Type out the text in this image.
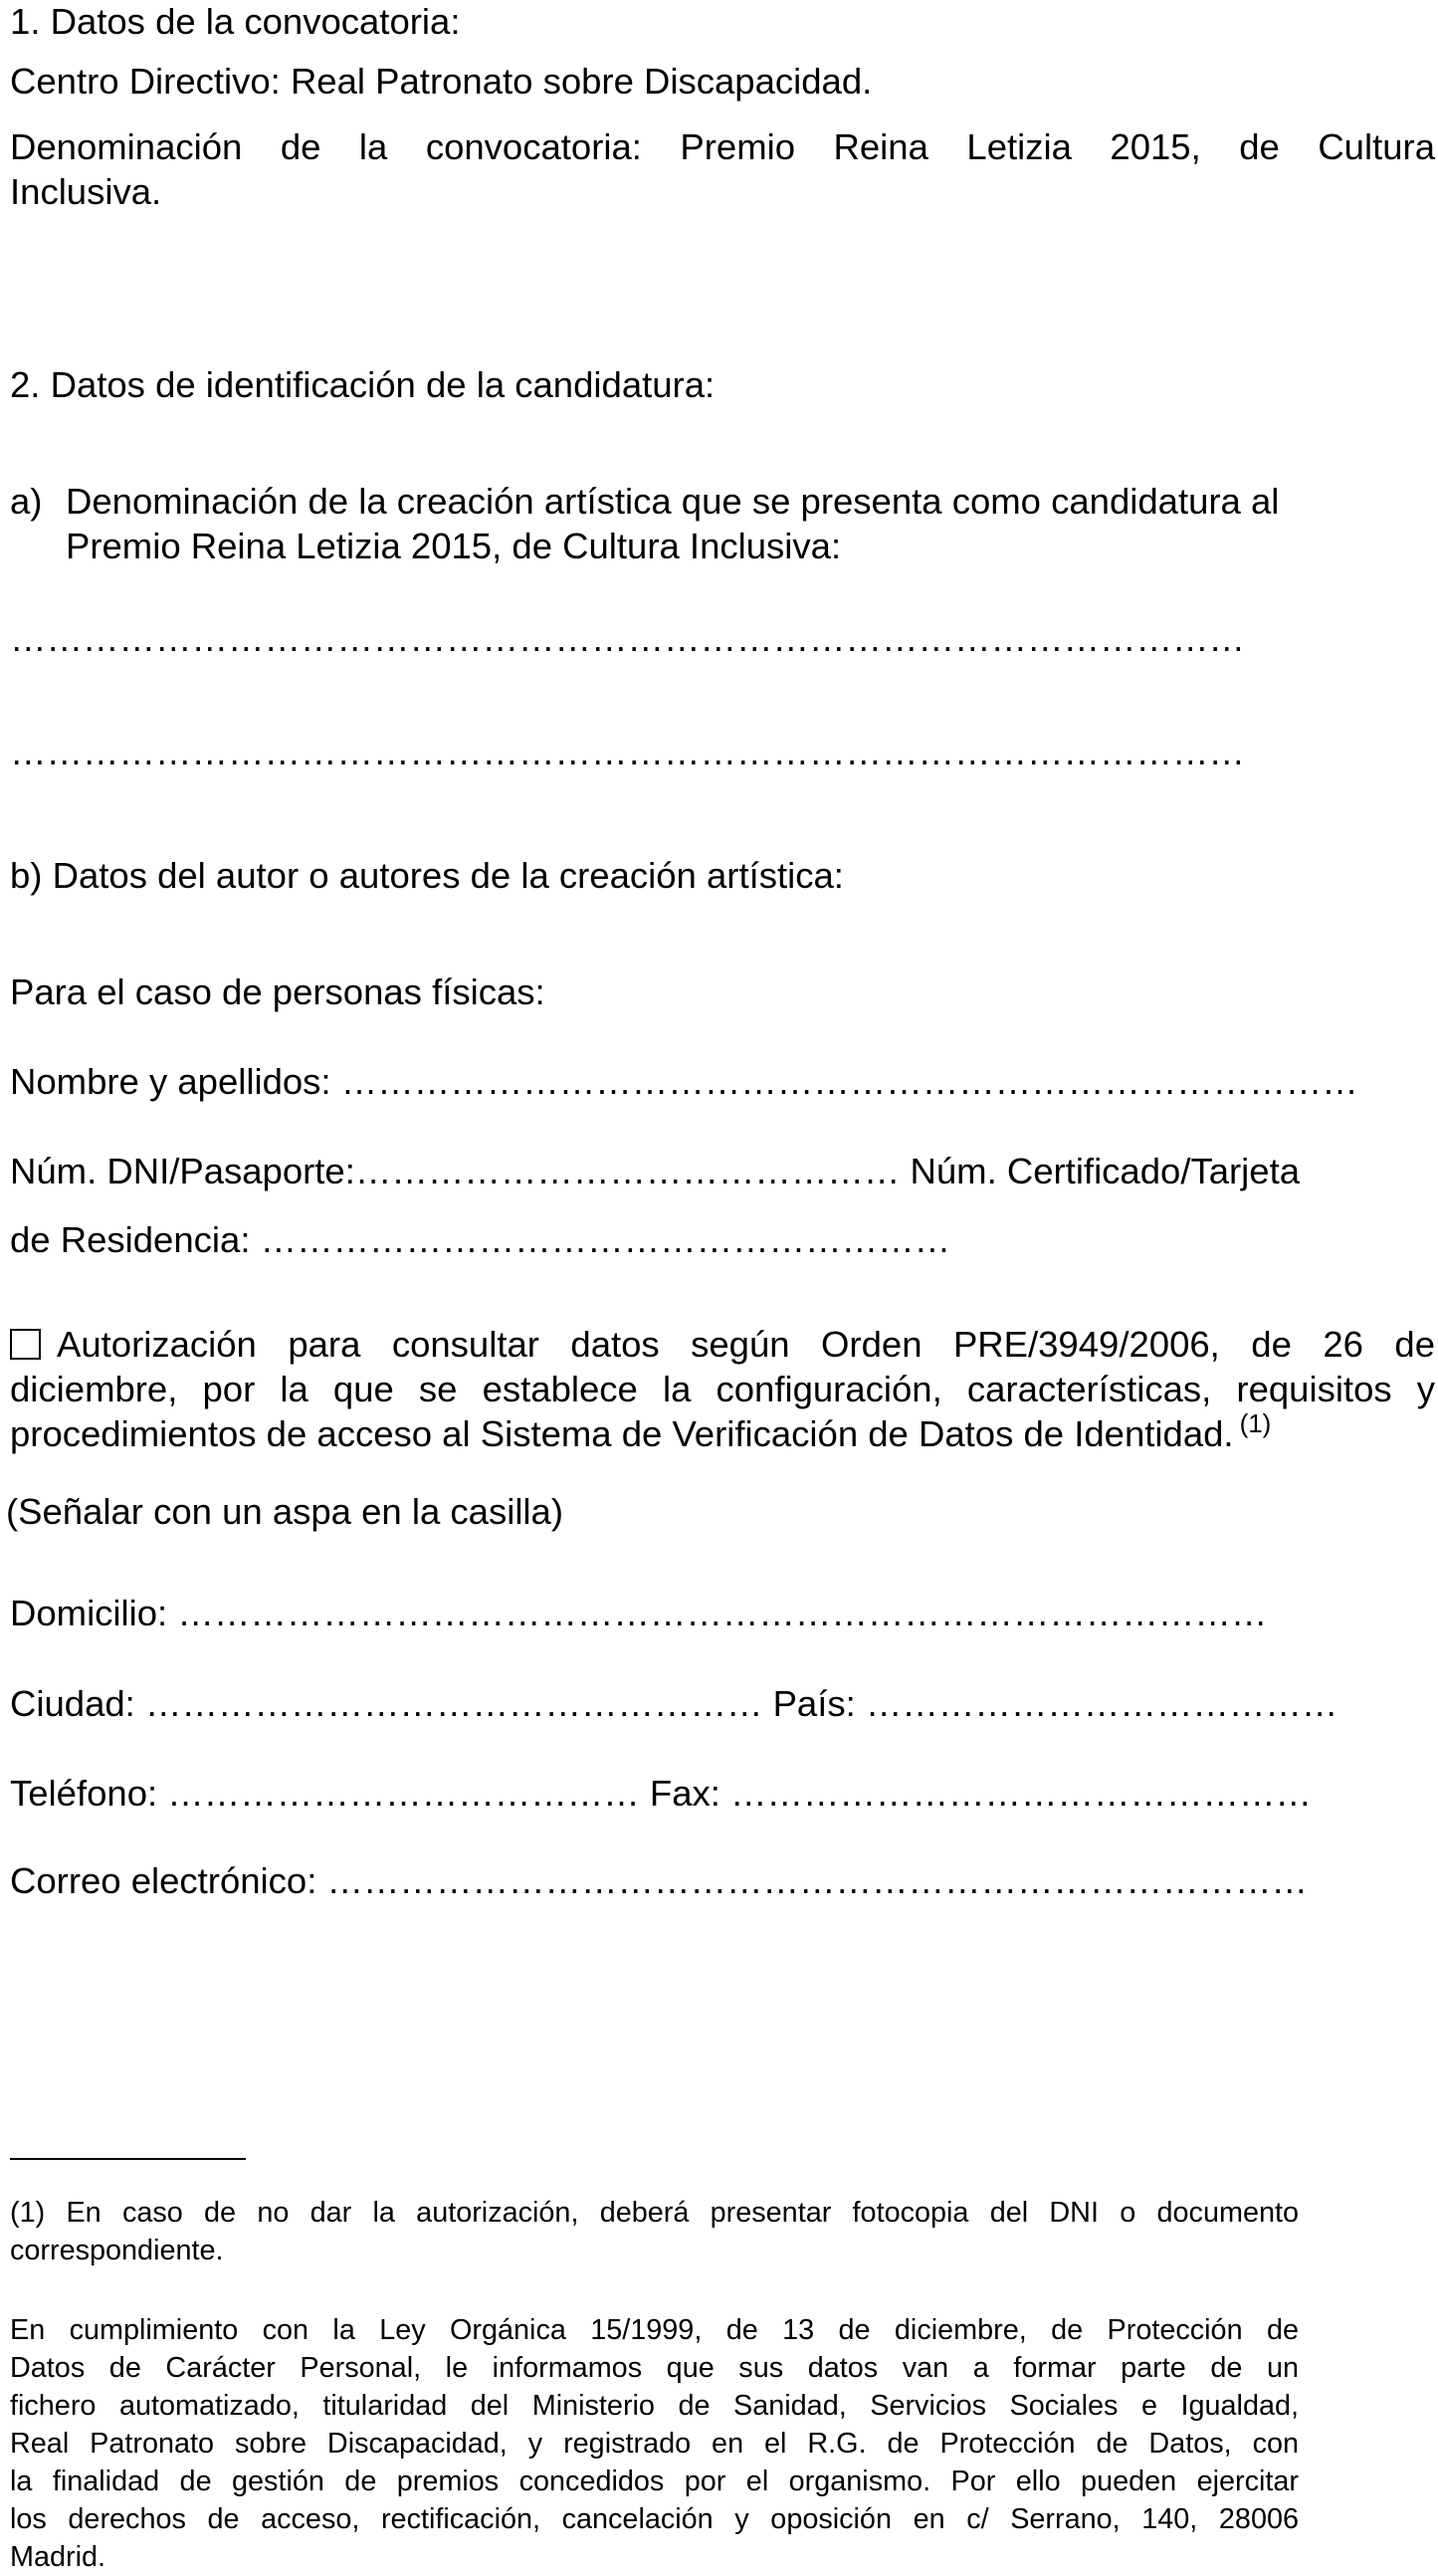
1. Datos de la convocatoria:
Centro Directivo: Real Patronato sobre Discapacidad.
Denominación de la convocatoria: Premio Reina Letizia 2015, de Cultura
Inclusiva.
2. Datos de identificación de la candidatura:
a) Denominación de la creación artística que se presenta como candidatura al
Premio Reina Letizia 2015, de Cultura Inclusiva:
…………………………………………………………………………………………
…………………………………………………………………………………………
b) Datos del autor o autores de la creación artística:
Para el caso de personas físicas:
Nombre y apellidos: …………………………………………………………………………
Núm. DNI/Pasaporte:……………………………………… Núm. Certificado/Tarjeta
de Residencia: …………………………………………………
Autorización para consultar datos según Orden PRE/3949/2006, de 26 de
diciembre, por la que se establece la configuración, características, requisitos y
procedimientos de acceso al Sistema de Verificación de Datos de Identidad. $^{(1)}$
(Señalar con un aspa en la casilla)
Domicilio: ………………………………………………………………………………
Ciudad: …………………………………………… País: …………………………………
Teléfono: ………………………………… Fax: …………………………………………
Correo electrónico: ………………………………………………………………………
(1) En caso de no dar la autorización, deberá presentar fotocopia del DNI o documento
correspondiente.
En cumplimiento con la Ley Orgánica 15/1999, de 13 de diciembre, de Protección de
Datos de Carácter Personal, le informamos que sus datos van a formar parte de un
fichero automatizado, titularidad del Ministerio de Sanidad, Servicios Sociales e Igualdad,
Real Patronato sobre Discapacidad, y registrado en el R.G. de Protección de Datos, con
la finalidad de gestión de premios concedidos por el organismo. Por ello pueden ejercitar
los derechos de acceso, rectificación, cancelación y oposición en c/ Serrano, 140, 28006
Madrid.
